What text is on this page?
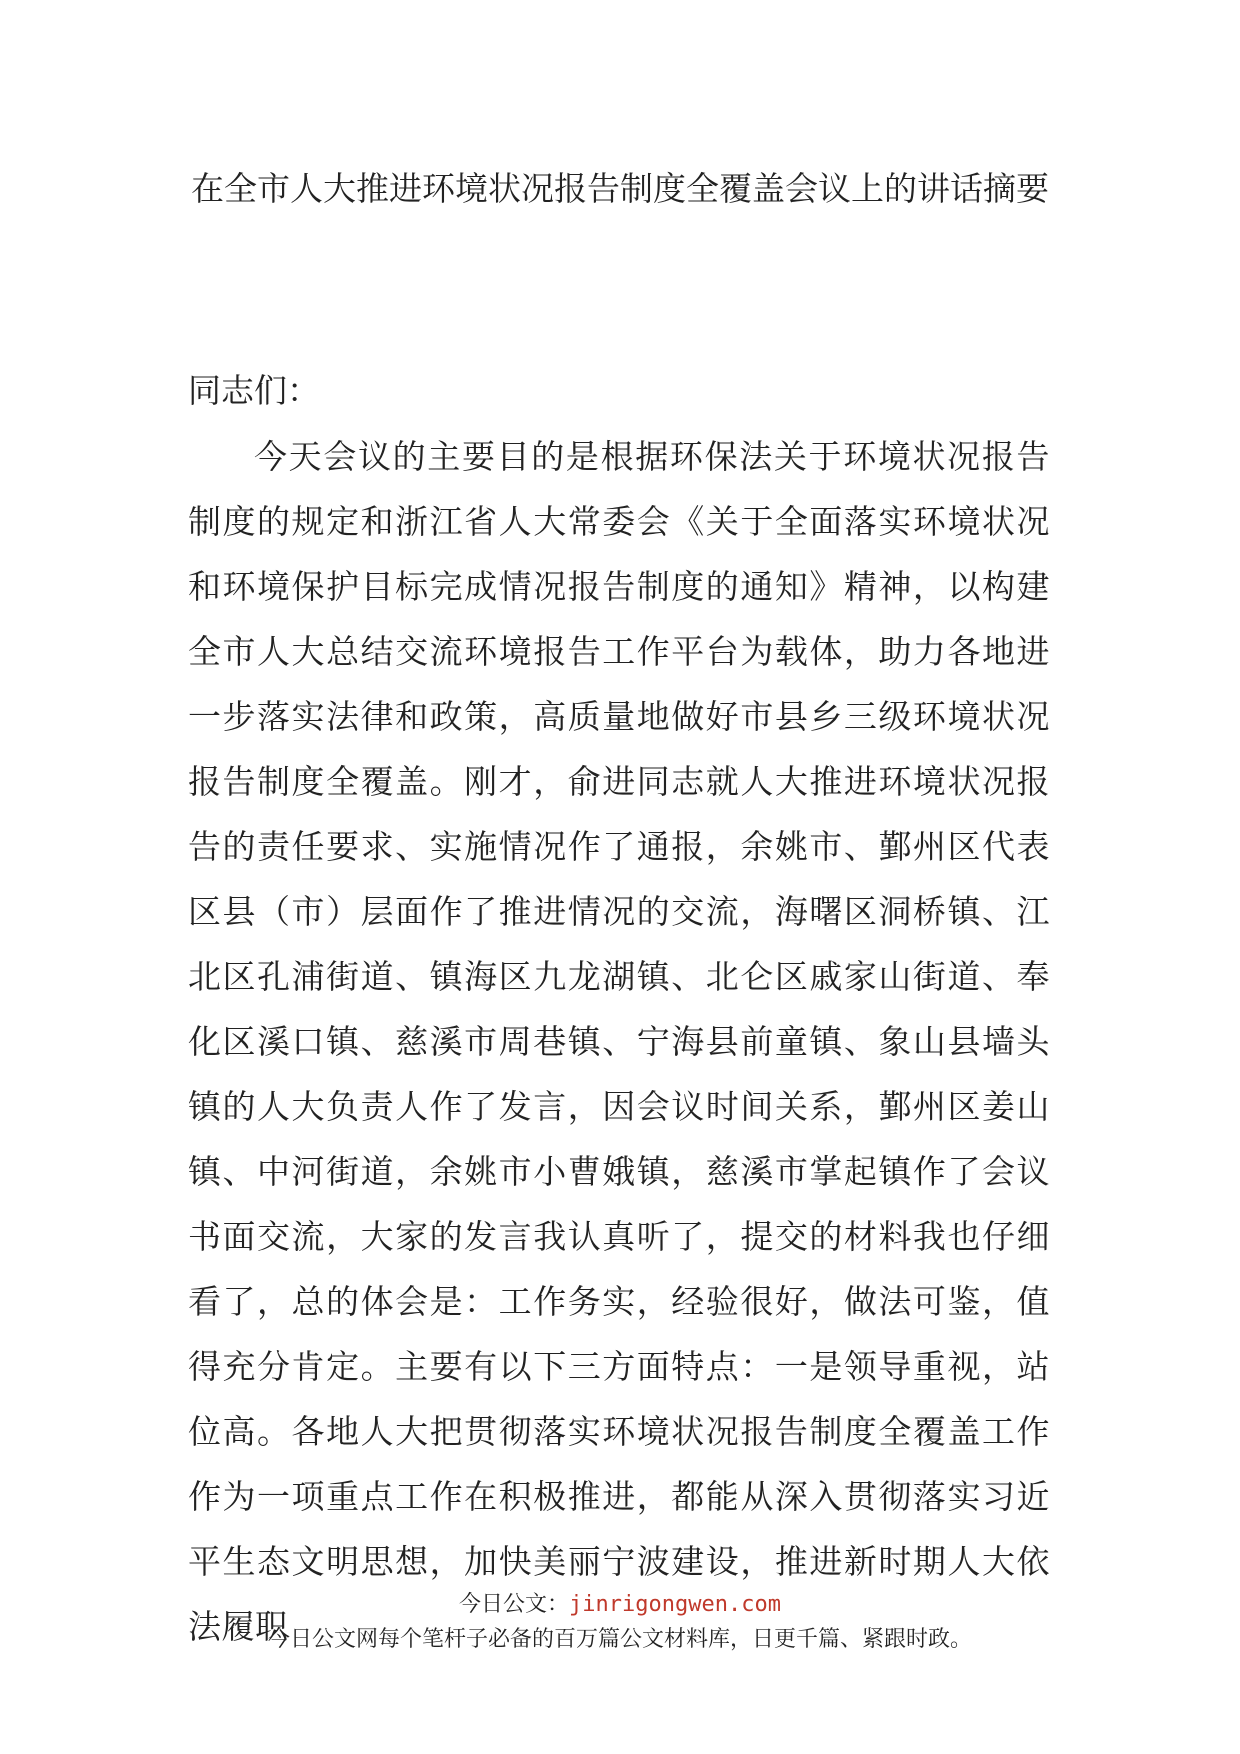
在全市人大推进环境状况报告制度全覆盖会议上的讲话摘要

同志们：

今天会议的主要目的是根据环保法关于环境状况报告制度的规定和浙江省人大常委会《关于全面落实环境状况和环境保护目标完成情况报告制度的通知》精神，以构建全市人大总结交流环境报告工作平台为载体，助力各地进一步落实法律和政策，高质量地做好市县乡三级环境状况报告制度全覆盖。刚才，俞进同志就人大推进环境状况报告的责任要求、实施情况作了通报，余姚市、鄞州区代表区县（市）层面作了推进情况的交流，海曙区洞桥镇、江北区孔浦街道、镇海区九龙湖镇、北仑区戚家山街道、奉化区溪口镇、慈溪市周巷镇、宁海县前童镇、象山县墙头镇的人大负责人作了发言，因会议时间关系，鄞州区姜山镇、中河街道，余姚市小曹娥镇，慈溪市掌起镇作了会议书面交流，大家的发言我认真听了，提交的材料我也仔细看了，总的体会是：工作务实，经验很好，做法可鉴，值得充分肯定。主要有以下三方面特点：一是领导重视，站位高。各地人大把贯彻落实环境状况报告制度全覆盖工作作为一项重点工作在积极推进，都能从深入贯彻落实习近平生态文明思想，加快美丽宁波建设，推进新时期人大依法履职

今日公文：jinrigongwen.com

今日公文网每个笔杆子必备的百万篇公文材料库，日更千篇、紧跟时政。
